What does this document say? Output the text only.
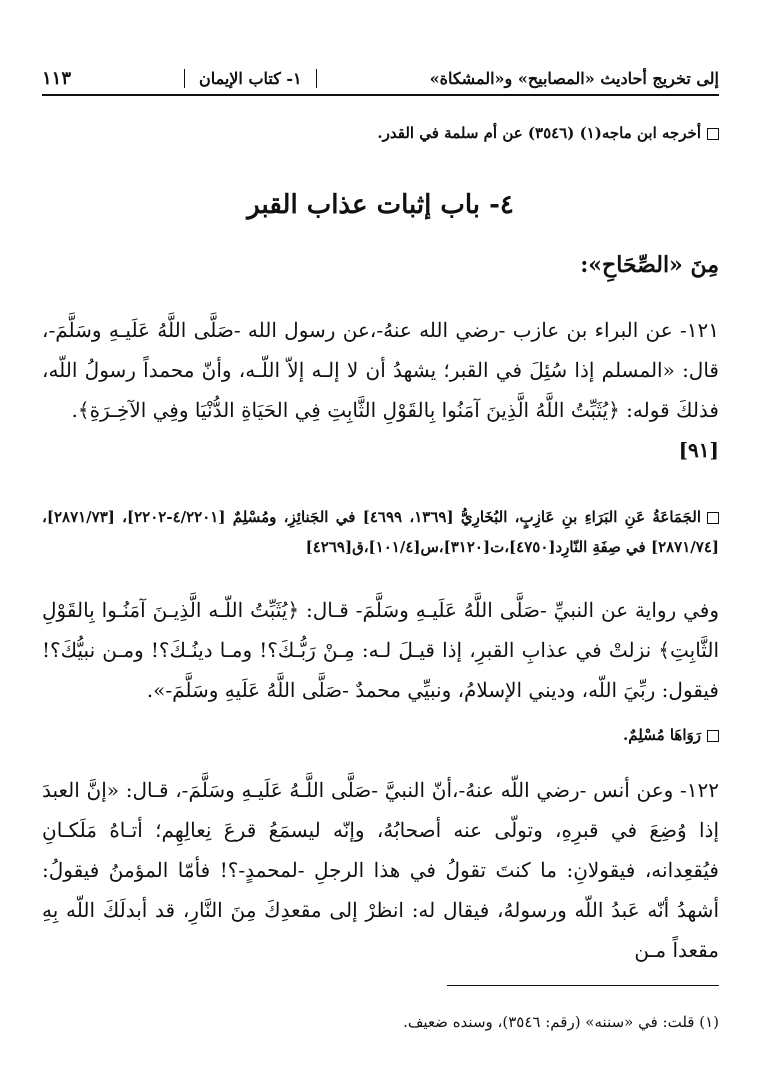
إلى تخريج أحاديث «المصابيح» و«المشكاة»
١- كتاب الإيمان
١١٣
أخرجه ابن ماجه(١) (٣٥٤٦) عن أم سلمة في القدر.
٤- باب إثبات عذاب القبر
مِنَ «الصِّحَاحِ»:

١٢١- عن البراء بن عازب -رضي الله عنهُ-،عن رسول الله -صَلَّى اللَّهُ عَلَيـهِ وسَلَّمَ-، قال: «المسلم إذا سُئِلَ في القبر؛ يشهدُ أن لا إلـه إلاّ اللّـه، وأنّ محمداً رسولُ اللّه، فذلكَ قوله: ﴿يُثَبِّتُ اللَّهُ الَّذِينَ آمَنُوا بِالقَوْلِ الثَّابِتِ فِي الحَيَاةِ الدُّنْيَا وفِي الآخِـرَةِ﴾.

[٩١]
الجَمَاعَةُ عَنِ البَرَاءِ بنِ عَازِبٍ، البُخَارِيُّ [١٣٦٩، ٤٦٩٩] في الجَنائِزِ، ومُسْلِمٌ [٤/٢٢٠١-٢٢٠٢]، [٢٨٧١/٧٣]، [٢٨٧١/٧٤] في صِفَةِ النّارِد[٤٧٥٠]،ت[٣١٢٠]،س[١٠١/٤]،ق[٤٢٦٩]

وفي رواية عن النبيِّ -صَلَّى اللَّهُ عَلَيـهِ وسَلَّمَ- قـال: ﴿يُثَبِّتُ اللّـه الَّذِيـنَ آمَنُـوا بِالقَوْلِ الثَّابِتِ﴾ نزلتْ في عذابِ القبرِ، إذا قيـلَ لـه: مِـنْ رَبُّـكَ؟! ومـا دينُـكَ؟! ومـن نبيُّكَ؟! فيقول: ربِّيَ اللّه، وديني الإسلامُ، ونبيِّي محمدٌ -صَلَّى اللَّهُ عَلَيهِ وسَلَّمَ-».

رَوَاهَا مُسْلِمٌ.

١٢٢- وعن أنس -رضي اللّه عنهُ-،أنّ النبيَّ -صَلَّى اللَّـهُ عَلَيـهِ وسَلَّمَ-، قـال: «إنَّ العبدَ إذا وُضِعَ في قبرِهِ، وتولّى عنه أصحابُهُ، وإنّه ليسمَعُ قرعَ نِعالِهِم؛ أتـاهُ مَلَكـانِ فيُقعِدانه، فيقولانِ: ما كنتَ تقولُ في هذا الرجلِ -لمحمدٍ-؟! فأمّا المؤمنُ فيقولُ: أشهدُ أنّه عَبدُ اللّه ورسولهُ، فيقال له: انظرْ إلى مقعدِكَ مِنَ النَّارِ، قد أبدلَكَ اللّه بِهِ مقعداً مـن

(١) قلت: في «سننه» (رقم: ٣٥٤٦)، وسنده ضعيف.
